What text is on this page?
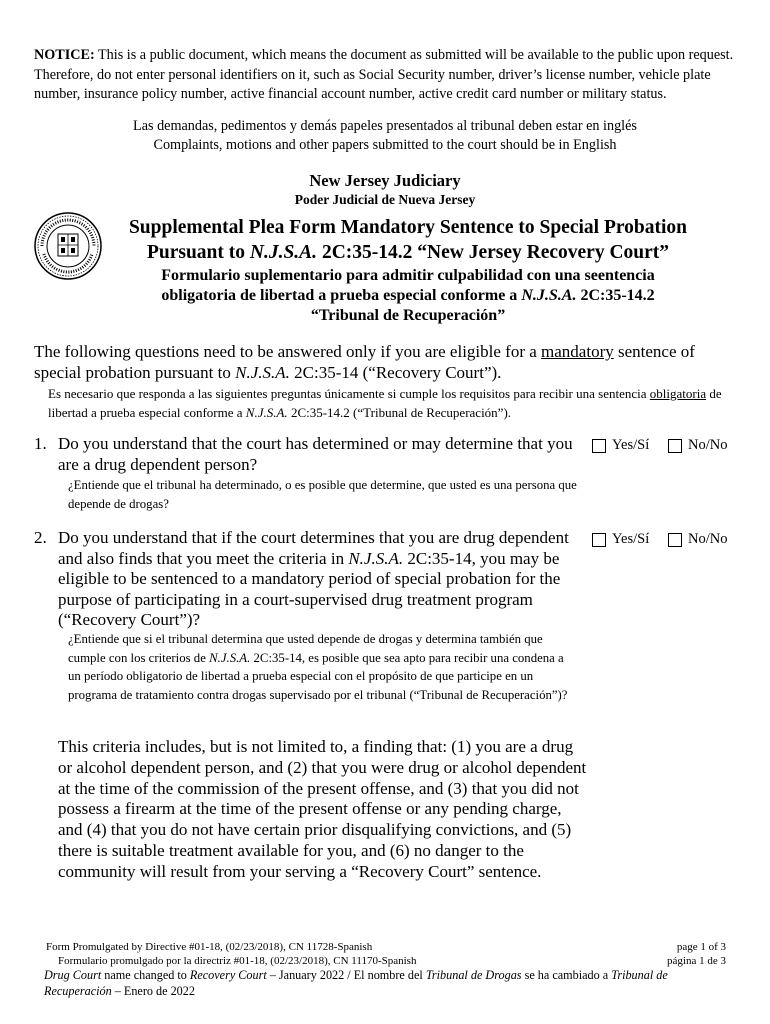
NOTICE: This is a public document, which means the document as submitted will be available to the public upon request. Therefore, do not enter personal identifiers on it, such as Social Security number, driver’s license number, vehicle plate number, insurance policy number, active financial account number, active credit card number or military status.

Las demandas, pedimentos y demás papeles presentados al tribunal deben estar en inglés

Complaints, motions and other papers submitted to the court should be in English

New Jersey Judiciary

Poder Judicial de Nueva Jersey

Supplemental Plea Form Mandatory Sentence to Special Probation

Pursuant to N.J.S.A. 2C:35-14.2 “New Jersey Recovery Court”

Formulario suplementario para admitir culpabilidad con una seentencia

obligatoria de libertad a prueba especial conforme a N.J.S.A. 2C:35-14.2

“Tribunal de Recuperación”

The following questions need to be answered only if you are eligible for a mandatory sentence of special probation pursuant to N.J.S.A. 2C:35-14 (“Recovery Court”).

Es necesario que responda a las siguientes preguntas únicamente si cumple los requisitos para recibir una sentencia obligatoria de libertad a prueba especial conforme a N.J.S.A. 2C:35-14.2 (“Tribunal de Recuperación”).

1. Do you understand that the court has determined or may determine that you are a drug dependent person?

¿Entiende que el tribunal ha determinado, o es posible que determine, que usted es una persona que depende de drogas?

Yes/Sí	No/No
2. Do you understand that if the court determines that you are drug dependent and also finds that you meet the criteria in N.J.S.A. 2C:35-14, you may be eligible to be sentenced to a mandatory period of special probation for the purpose of participating in a court-supervised drug treatment program (“Recovery Court”)?

¿Entiende que si el tribunal determina que usted depende de drogas y determina también que cumple con los criterios de N.J.S.A. 2C:35-14, es posible que sea apto para recibir una condena a un período obligatorio de libertad a prueba especial con el propósito de que participe en un programa de tratamiento contra drogas supervisado por el tribunal (“Tribunal de Recuperación”)?

Yes/Sí	No/No

This criteria includes, but is not limited to, a finding that: (1) you are a drug or alcohol dependent person, and (2) that you were drug or alcohol dependent at the time of the commission of the present offense, and (3) that you did not possess a firearm at the time of the present offense or any pending charge, and (4) that you do not have certain prior disqualifying convictions, and (5) there is suitable treatment available for you, and (6) no danger to the community will result from your serving a “Recovery Court” sentence.

Form Promulgated by Directive #01-18, (02/23/2018), CN 11728-Spanish

Formulario promulgado por la directriz #01-18, (02/23/2018), CN 11170-Spanish

page 1 of 3

página 1 de 3

Drug Court name changed to Recovery Court – January 2022 / El nombre del Tribunal de Drogas se ha cambiado a Tribunal de Recuperación – Enero de 2022
